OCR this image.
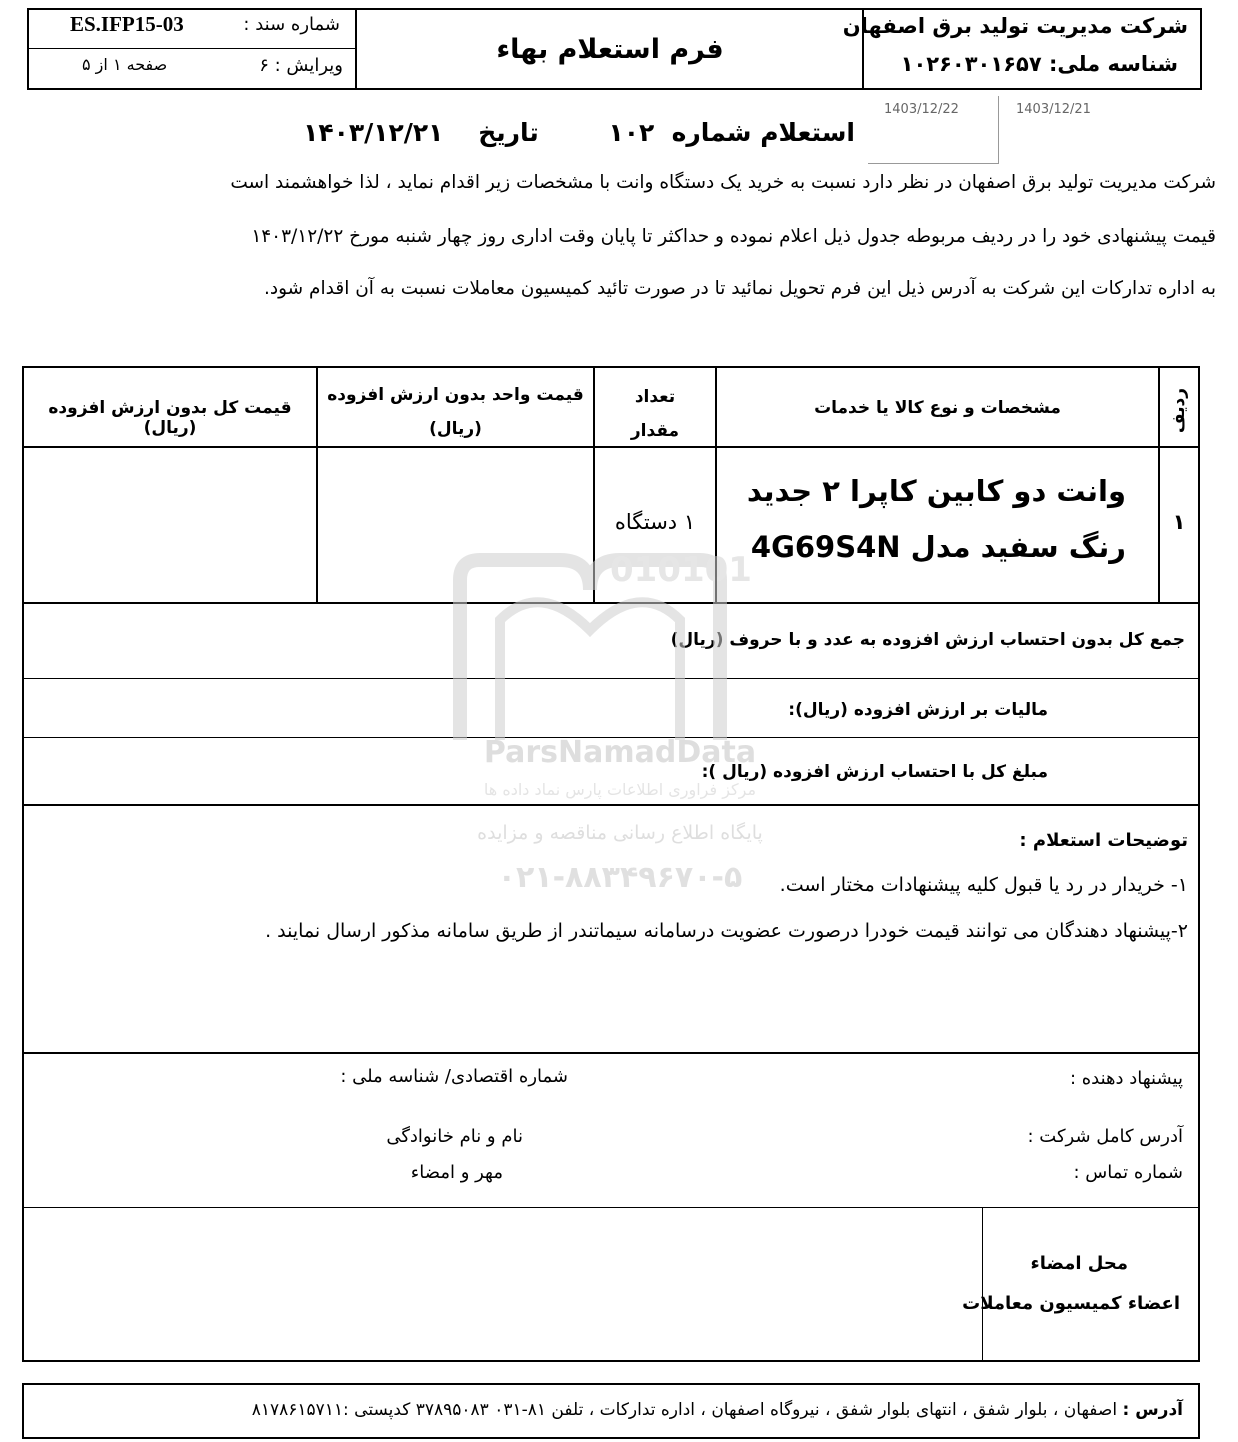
شرکت مدیریت تولید برق اصفهان
شناسه ملی: ۱۰۲۶۰۳۰۱۶۵۷
فرم استعلام بهاء
شماره سند :
ES.IFP15-03
ویرایش : ۶
صفحه ۱ از ۵
1403/12/21
1403/12/22
استعلام شماره  ۱۰۲        تاریخ    ۱۴۰۳/۱۲/۲۱
شرکت مدیریت تولید برق اصفهان در نظر دارد نسبت به خرید یک دستگاه وانت با مشخصات زیر اقدام نماید ، لذا خواهشمند است
قیمت پیشنهادی خود را در ردیف مربوطه جدول ذیل اعلام نموده و حداکثر تا پایان وقت اداری روز چهار شنبه مورخ ۱۴۰۳/۱۲/۲۲
به اداره تدارکات این شرکت به آدرس ذیل این فرم تحویل نمائید تا در صورت تائید کمیسیون معاملات نسبت به آن اقدام شود.
ردیف
مشخصات و نوع کالا یا خدمات
تعداد
مقدار
قیمت واحد بدون ارزش افزوده
(ریال)
قیمت کل بدون ارزش افزوده (ریال)
۱
وانت دو کابین کاپرا ۲ جدید
رنگ سفید مدل 4G69S4N
۱ دستگاه
جمع کل بدون احتساب ارزش افزوده به عدد و با حروف (ریال)
مالیات بر ارزش افزوده (ریال):
مبلغ کل با احتساب ارزش افزوده (ریال ):
توضیحات استعلام :
۱- خریدار در رد یا قبول کلیه پیشنهادات مختار است.
۲-پیشنهاد دهندگان می توانند قیمت خودرا درصورت عضویت درسامانه سیماتندر از طریق سامانه مذکور ارسال نمایند .
پیشنهاد دهنده :
شماره اقتصادی/ شناسه ملی :
آدرس کامل شرکت :
نام و نام خانوادگی
شماره تماس :
مهر و امضاء
محل امضاء
اعضاء کمیسیون معاملات
آدرس : اصفهان ، بلوار شفق ، انتهای بلوار شفق ، نیروگاه اصفهان ، اداره تدارکات ، تلفن ۸۱-۰۳۱ ۳۷۸۹۵۰۸۳ کدپستی :۸۱۷۸۶۱۵۷۱۱
010101
ParsNamadData
مرکز فراوری اطلاعات پارس نماد داده ها
پایگاه اطلاع رسانی مناقصه و مزایده
۰۲۱-۸۸۳۴۹۶۷۰-۵
